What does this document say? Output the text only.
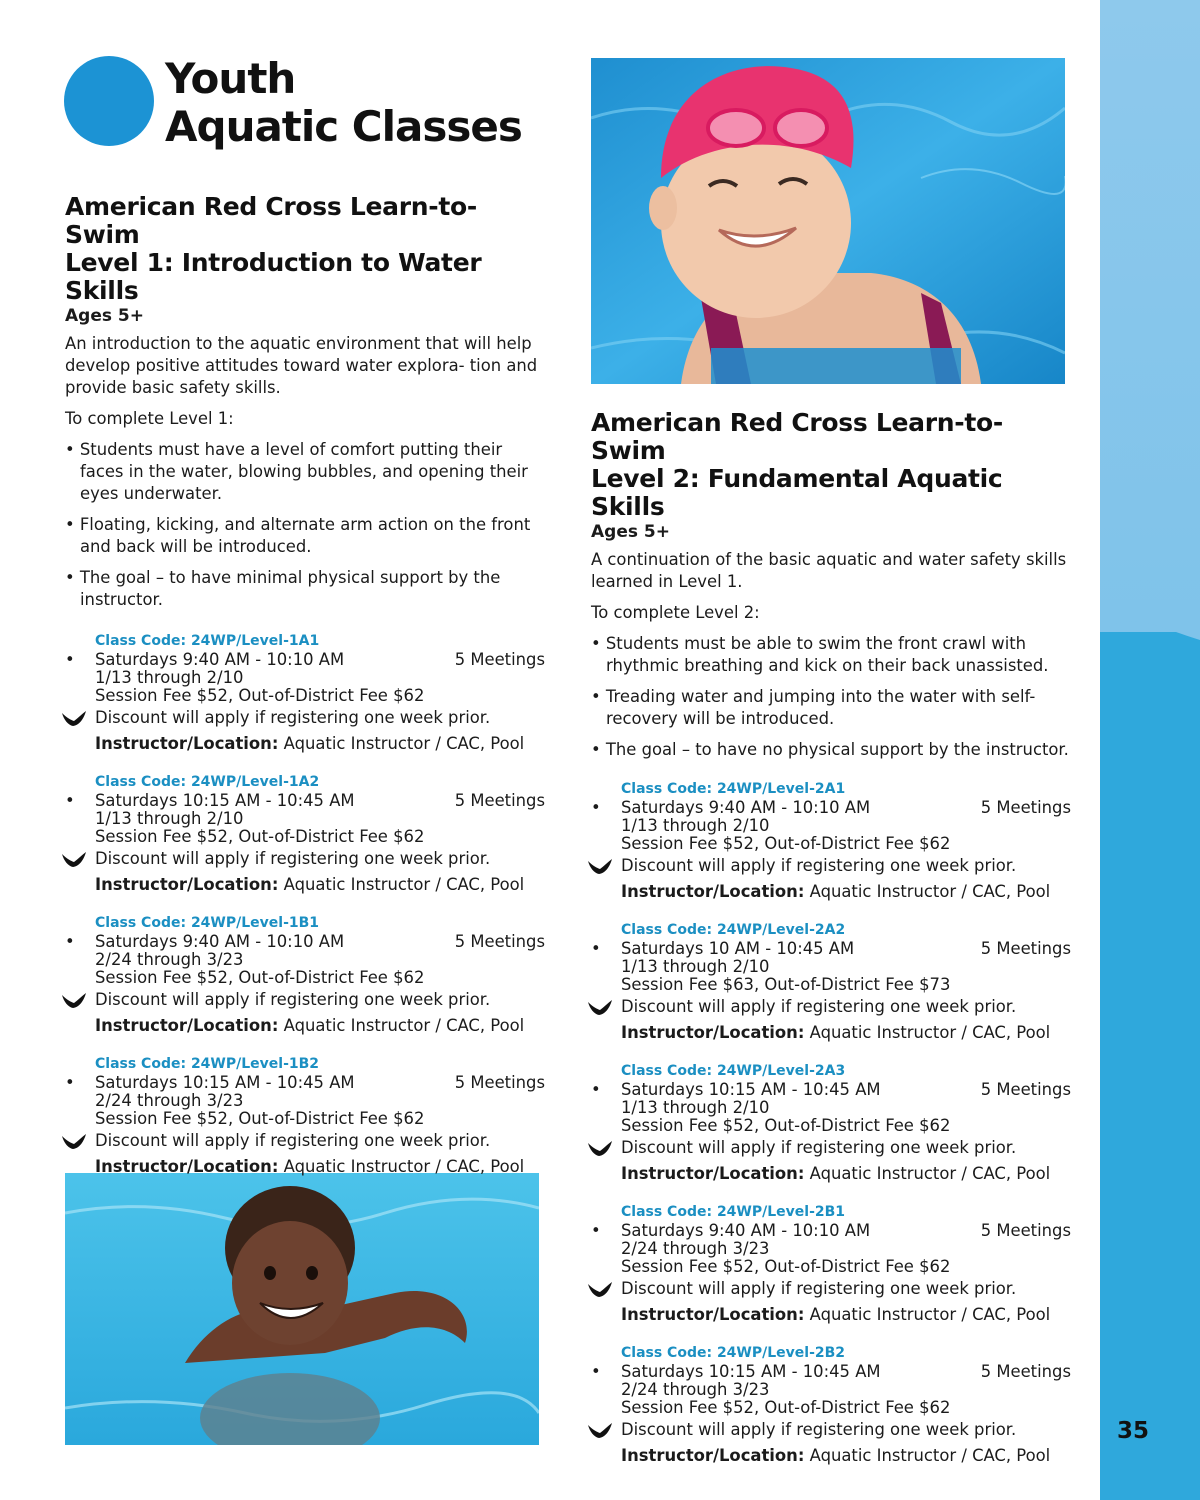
35
Youth
Aquatic Classes
American Red Cross Learn-to-Swim
Level 1: Introduction to Water Skills
Ages 5+
An introduction to the aquatic environment that will help develop positive attitudes toward water explora- tion and provide basic safety skills.
To complete Level 1:
• Students must have a level of comfort putting their faces in the water, blowing bubbles, and opening their eyes underwater.
• Floating, kicking, and alternate arm action on the front and back will be introduced.
• The goal – to have minimal physical support by the instructor.
Class Code: 24WP/Level-1A1
• Saturdays 9:40 AM - 10:10 AM	5 Meetings
1/13 through 2/10
Session Fee $52, Out-of-District Fee $62
Discount will apply if registering one week prior.
Instructor/Location: Aquatic Instructor / CAC, Pool
Class Code: 24WP/Level-1A2
• Saturdays 10:15 AM - 10:45 AM	5 Meetings
1/13 through 2/10
Session Fee $52, Out-of-District Fee $62
Discount will apply if registering one week prior.
Instructor/Location: Aquatic Instructor / CAC, Pool
Class Code: 24WP/Level-1B1
• Saturdays 9:40 AM - 10:10 AM	5 Meetings
2/24 through 3/23
Session Fee $52, Out-of-District Fee $62
Discount will apply if registering one week prior.
Instructor/Location: Aquatic Instructor / CAC, Pool
Class Code: 24WP/Level-1B2
• Saturdays 10:15 AM - 10:45 AM	5 Meetings
2/24 through 3/23
Session Fee $52, Out-of-District Fee $62
Discount will apply if registering one week prior.
Instructor/Location: Aquatic Instructor / CAC, Pool
American Red Cross Learn-to-Swim
Level 2: Fundamental Aquatic Skills
Ages 5+
A continuation of the basic aquatic and water safety skills learned in Level 1.
To complete Level 2:
• Students must be able to swim the front crawl with rhythmic breathing and kick on their back unassisted.
• Treading water and jumping into the water with self- recovery will be introduced.
• The goal – to have no physical support by the instructor.
Class Code: 24WP/Level-2A1
• Saturdays 9:40 AM - 10:10 AM	5 Meetings
1/13 through 2/10
Session Fee $52, Out-of-District Fee $62
Discount will apply if registering one week prior.
Instructor/Location: Aquatic Instructor / CAC, Pool
Class Code: 24WP/Level-2A2
• Saturdays 10 AM - 10:45 AM	5 Meetings
1/13 through 2/10
Session Fee $63, Out-of-District Fee $73
Discount will apply if registering one week prior.
Instructor/Location: Aquatic Instructor / CAC, Pool
Class Code: 24WP/Level-2A3
• Saturdays 10:15 AM - 10:45 AM	5 Meetings
1/13 through 2/10
Session Fee $52, Out-of-District Fee $62
Discount will apply if registering one week prior.
Instructor/Location: Aquatic Instructor / CAC, Pool
Class Code: 24WP/Level-2B1
• Saturdays 9:40 AM - 10:10 AM	5 Meetings
2/24 through 3/23
Session Fee $52, Out-of-District Fee $62
Discount will apply if registering one week prior.
Instructor/Location: Aquatic Instructor / CAC, Pool
Class Code: 24WP/Level-2B2
• Saturdays 10:15 AM - 10:45 AM	5 Meetings
2/24 through 3/23
Session Fee $52, Out-of-District Fee $62
Discount will apply if registering one week prior.
Instructor/Location: Aquatic Instructor / CAC, Pool
